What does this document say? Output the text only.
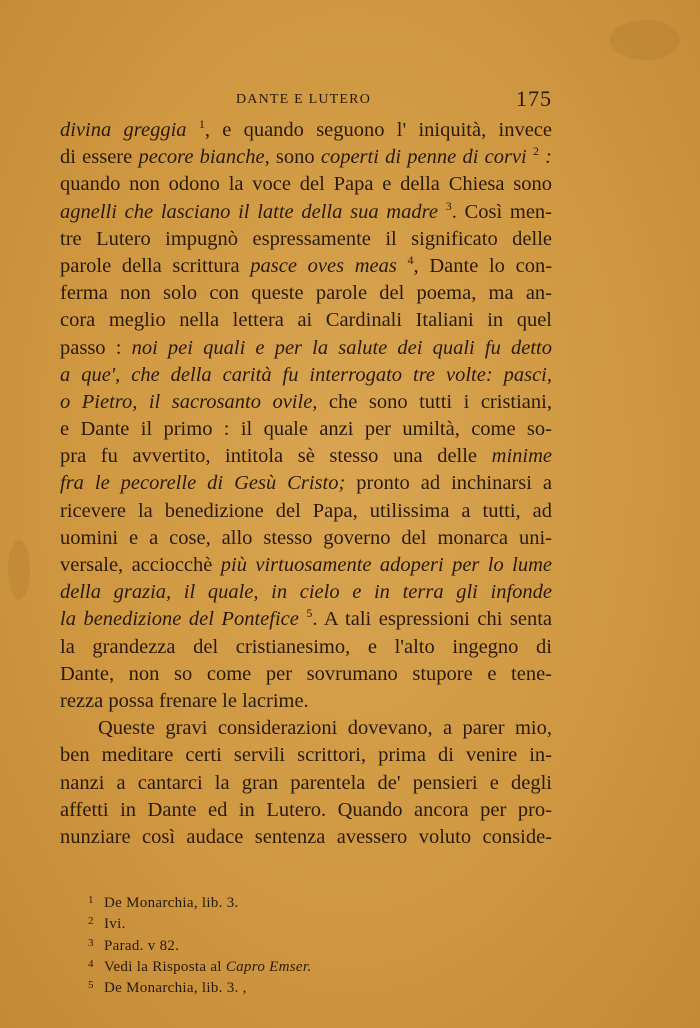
DANTE E LUTERO	175
divina greggia $^1$, e quando seguono l' iniquità, invece
di essere pecore bianche, sono coperti di penne di corvi $^2$ :
quando non odono la voce del Papa e della Chiesa sono
agnelli che lasciano il latte della sua madre $^3$. Così men-
tre Lutero impugnò espressamente il significato delle
parole della scrittura pasce oves meas $^4$, Dante lo con-
ferma non solo con queste parole del poema, ma an-
cora meglio nella lettera ai Cardinali Italiani in quel
passo : noi pei quali e per la salute dei quali fu detto
a que', che della carità fu interrogato tre volte: pasci,
o Pietro, il sacrosanto ovile, che sono tutti i cristiani,
e Dante il primo : il quale anzi per umiltà, come so-
pra fu avvertito, intitola sè stesso una delle minime
fra le pecorelle di Gesù Cristo; pronto ad inchinarsi a
ricevere la benedizione del Papa, utilissima a tutti, ad
uomini e a cose, allo stesso governo del monarca uni-
versale, acciocchè più virtuosamente adoperi per lo lume
della grazia, il quale, in cielo e in terra gli infonde
la benedizione del Pontefice $^5$. A tali espressioni chi senta
la grandezza del cristianesimo, e l'alto ingegno di
Dante, non so come per sovrumano stupore e tene-
rezza possa frenare le lacrime.
Queste gravi considerazioni dovevano, a parer mio,
ben meditare certi servili scrittori, prima di venire in-
nanzi a cantarci la gran parentela de' pensieri e degli
affetti in Dante ed in Lutero. Quando ancora per pro-
nunziare così audace sentenza avessero voluto conside-
1 De Monarchia, lib. 3.
2 Ivi.
3 Parad. v 82.
4 Vedi la Risposta al Capro Emser.
5 De Monarchia, lib. 3. ,
